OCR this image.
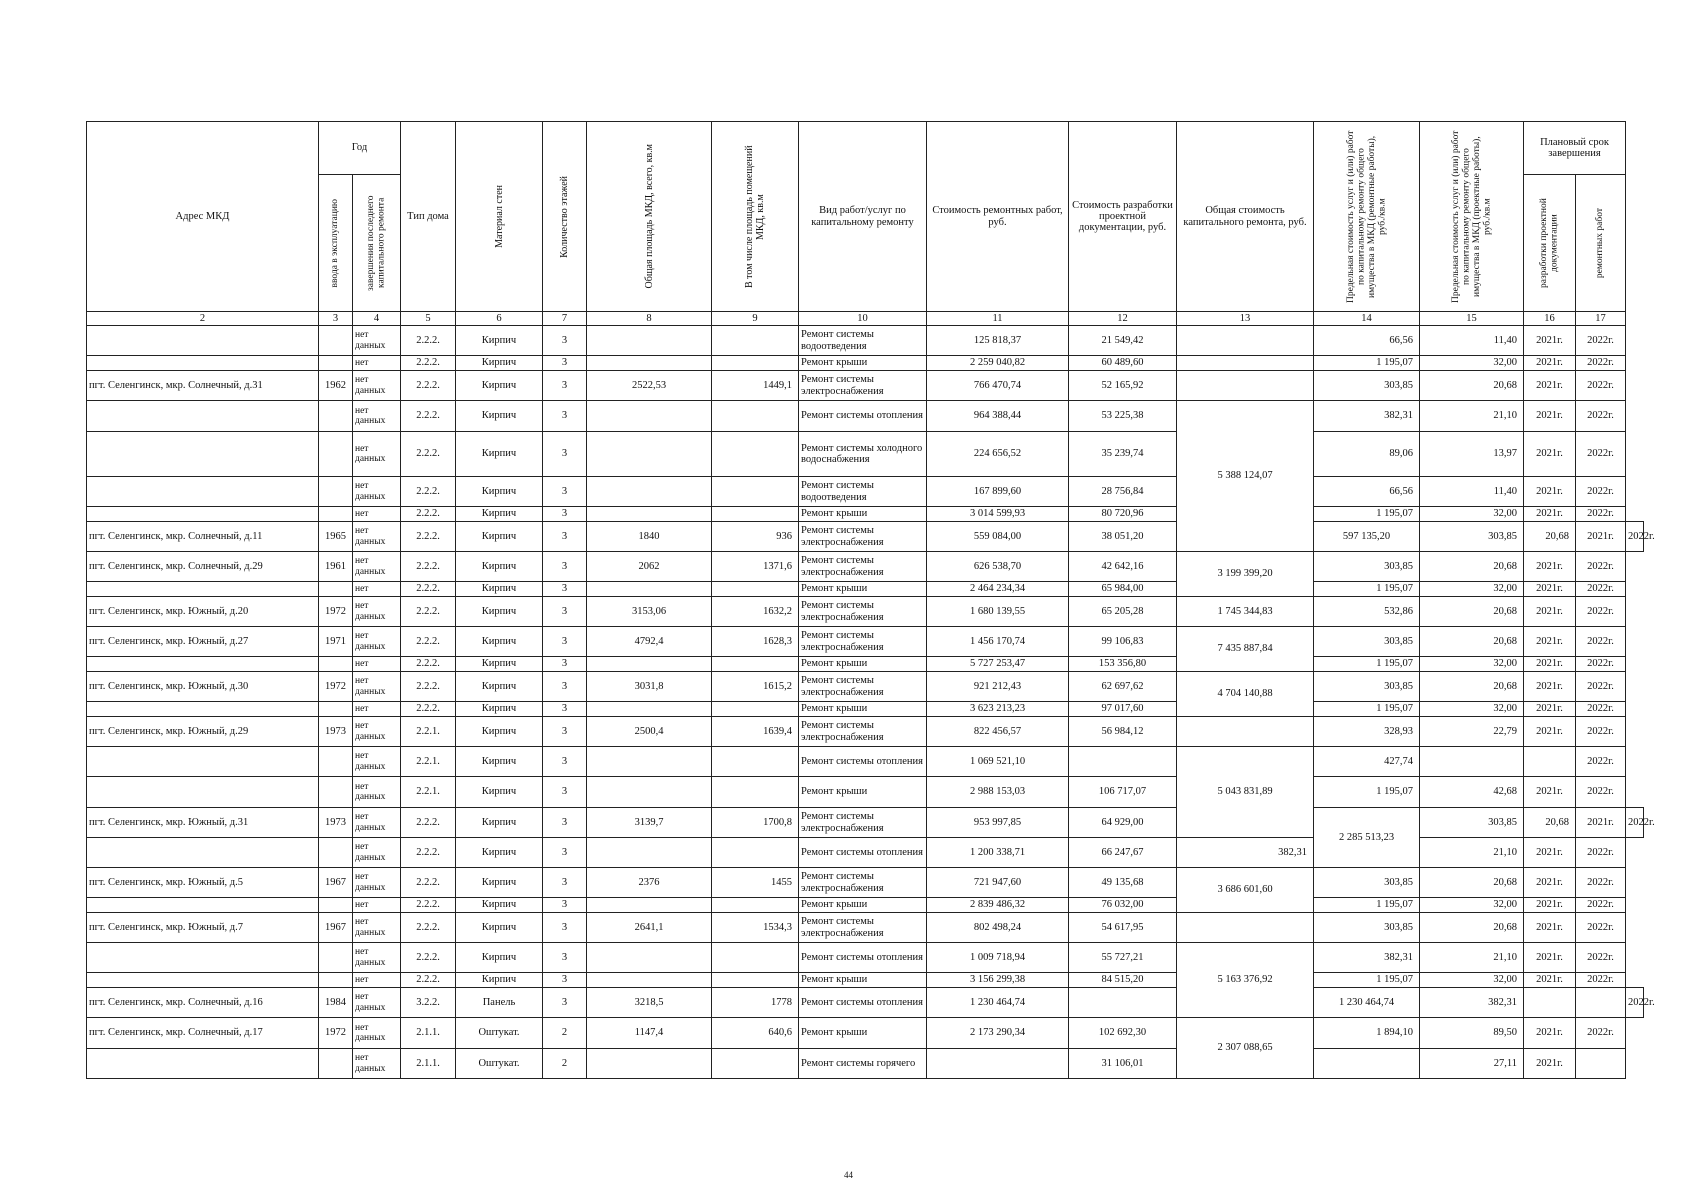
Адрес МКД	Год		Тип дома	Материал стен	Количество этажей	Общая площадь МКД, всего, кв.м	В том числе площадь помещений МКД, кв.м	Вид работ/услуг по капитальному ремонту	Стоимость ремонтных работ, руб.	Стоимость разработки проектной документации, руб.	Общая стоимость капитального ремонта, руб.	Предельная стоимость услуг и (или) работ по капитальному ремонту общего имущества в МКД (ремонтные работы), руб./кв.м	Предельная стоимость услуг и (или) работ по капитальному ремонту общего имущества в МКД (проектные работы), руб./кв.м	Плановый срок завершения		

	ввода в эксплуатацию	завершения последнего капитального ремонта												разработки проектной документации	ремонтных работ	

2	3	4	5	6	7	8	9	10	11	12	13	14	15	16	17	
		нет данных	2.2.2.	Кирпич	3			Ремонт системы водоотведения	125 818,37	21 549,42		66,56	11,40	2021г.	2022г.	
		нет	2.2.2.	Кирпич	3			Ремонт крыши	2 259 040,82	60 489,60		1 195,07	32,00	2021г.	2022г.	
пгт. Селенгинск, мкр. Солнечный, д.31	1962	нет данных	2.2.2.	Кирпич	3	2522,53	1449,1	Ремонт системы электроснабжения	766 470,74	52 165,92		303,85	20,68	2021г.	2022г.	
		нет данных	2.2.2.	Кирпич	3			Ремонт системы отопления	964 388,44	53 225,38	5 388 124,07	382,31	21,10	2021г.	2022г.	
		нет данных	2.2.2.	Кирпич	3			Ремонт системы холодного водоснабжения	224 656,52	35 239,74		89,06	13,97	2021г.	2022г.	
		нет данных	2.2.2.	Кирпич	3			Ремонт системы водоотведения	167 899,60	28 756,84		66,56	11,40	2021г.	2022г.	
		нет	2.2.2.	Кирпич	3			Ремонт крыши	3 014 599,93	80 720,96		1 195,07	32,00	2021г.	2022г.	
пгт. Селенгинск, мкр. Солнечный, д.11	1965	нет данных	2.2.2.	Кирпич	3	1840	936	Ремонт системы электроснабжения	559 084,00	38 051,20		597 135,20	303,85	20,68	2021г.	2022г.
пгт. Селенгинск, мкр. Солнечный, д.29	1961	нет данных	2.2.2.	Кирпич	3	2062	1371,6	Ремонт системы электроснабжения	626 538,70	42 642,16	3 199 399,20	303,85	20,68	2021г.	2022г.	
		нет	2.2.2.	Кирпич	3			Ремонт крыши	2 464 234,34	65 984,00		1 195,07	32,00	2021г.	2022г.	
пгт. Селенгинск, мкр. Южный, д.20	1972	нет данных	2.2.2.	Кирпич	3	3153,06	1632,2	Ремонт системы электроснабжения	1 680 139,55	65 205,28	1 745 344,83	532,86	20,68	2021г.	2022г.	
пгт. Селенгинск, мкр. Южный, д.27	1971	нет данных	2.2.2.	Кирпич	3	4792,4	1628,3	Ремонт системы электроснабжения	1 456 170,74	99 106,83	7 435 887,84	303,85	20,68	2021г.	2022г.	
		нет	2.2.2.	Кирпич	3			Ремонт крыши	5 727 253,47	153 356,80		1 195,07	32,00	2021г.	2022г.	
пгт. Селенгинск, мкр. Южный, д.30	1972	нет данных	2.2.2.	Кирпич	3	3031,8	1615,2	Ремонт системы электроснабжения	921 212,43	62 697,62	4 704 140,88	303,85	20,68	2021г.	2022г.	
		нет	2.2.2.	Кирпич	3			Ремонт крыши	3 623 213,23	97 017,60		1 195,07	32,00	2021г.	2022г.	
пгт. Селенгинск, мкр. Южный, д.29	1973	нет данных	2.2.1.	Кирпич	3	2500,4	1639,4	Ремонт системы электроснабжения	822 456,57	56 984,12		328,93	22,79	2021г.	2022г.	
		нет данных	2.2.1.	Кирпич	3			Ремонт системы отопления	1 069 521,10		5 043 831,89	427,74			2022г.	
		нет данных	2.2.1.	Кирпич	3			Ремонт крыши	2 988 153,03	106 717,07		1 195,07	42,68	2021г.	2022г.	
пгт. Селенгинск, мкр. Южный, д.31	1973	нет данных	2.2.2.	Кирпич	3	3139,7	1700,8	Ремонт системы электроснабжения	953 997,85	64 929,00		2 285 513,23	303,85	20,68	2021г.	2022г.
		нет данных	2.2.2.	Кирпич	3			Ремонт системы отопления	1 200 338,71	66 247,67	382,31		21,10	2021г.	2022г.	
пгт. Селенгинск, мкр. Южный, д.5	1967	нет данных	2.2.2.	Кирпич	3	2376	1455	Ремонт системы электроснабжения	721 947,60	49 135,68	3 686 601,60	303,85	20,68	2021г.	2022г.	
		нет	2.2.2.	Кирпич	3			Ремонт крыши	2 839 486,32	76 032,00		1 195,07	32,00	2021г.	2022г.	
пгт. Селенгинск, мкр. Южный, д.7	1967	нет данных	2.2.2.	Кирпич	3	2641,1	1534,3	Ремонт системы электроснабжения	802 498,24	54 617,95		303,85	20,68	2021г.	2022г.	
		нет данных	2.2.2.	Кирпич	3			Ремонт системы отопления	1 009 718,94	55 727,21	5 163 376,92	382,31	21,10	2021г.	2022г.	
		нет	2.2.2.	Кирпич	3			Ремонт крыши	3 156 299,38	84 515,20		1 195,07	32,00	2021г.	2022г.	
пгт. Селенгинск, мкр. Солнечный, д.16	1984	нет данных	3.2.2.	Панель	3	3218,5	1778	Ремонт системы отопления	1 230 464,74			1 230 464,74	382,31			2022г.
пгт. Селенгинск, мкр. Солнечный, д.17	1972	нет данных	2.1.1.	Оштукат.	2	1147,4	640,6	Ремонт крыши	2 173 290,34	102 692,30	2 307 088,65	1 894,10	89,50	2021г.	2022г.	
		нет данных	2.1.1.	Оштукат.	2			Ремонт системы горячего		31 106,01			27,11	2021г.		
44
